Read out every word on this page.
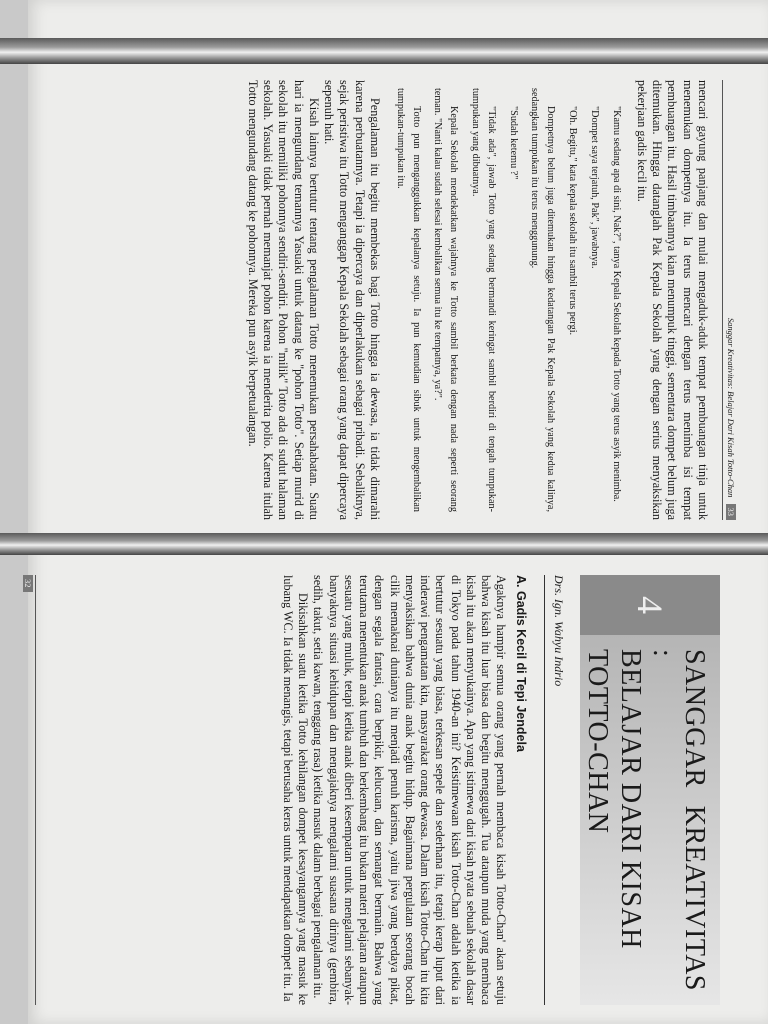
Sanggar Kreativitas: Belajar Dari Kisah Totto-Chan 33

mencari gayung panjang dan mulai mengaduk-aduk tempat pembuangan tinja untuk menemukan dompetnya itu. Ia terus mencari dengan terus menimba isi tempat pembuangan itu. Hasil timbaannya kian menumpuk tinggi, sementara dompet belum juga ditemukan. Hingga datanglah Pak Kepala Sekolah yang dengan serius menyaksikan pekerjaan gadis kecil itu.

"Kamu sedang apa di sini, Nak?", tanya Kepala Sekolah kepada Totto yang terus asyik menimba.

"Dompet saya terjatuh, Pak", jawabnya.

"Oh. Begitu," kata kepala sekolah itu sambil terus pergi.

Dompetnya belum juga ditemukan hingga kedatangan Pak Kepala Sekolah yang kedua kalinya, sedangkan tumpukan itu terus menggunung.

"Sudah ketemu ?"

"Tidak ada", jawab Totto yang sedang bermandi keringat sambil berdiri di tengah tumpukan-tumpukan yang dibuatnya.

Kepala Sekolah mendekatkan wajahnya ke Totto sambil berkata dengan nada seperti seorang teman. "Nanti kalau sudah selesai kembalikan semua itu ke tempatnya, ya?".

Totto pun menganggukkan kepalanya setuju. Ia pun kemudian sibuk untuk mengembalikan tumpukan-tumpukan itu.

Pengalaman itu begitu membekas bagi Totto hingga ia dewasa, ia tidak dimarahi karena perbuatannya. Tetapi ia dipercaya dan diperlakukan sebagai pribadi. Sebaliknya, sejak peristiwa itu Totto menganggap Kepala Sekolah sebagai orang yang dapat dipercaya sepenuh hati.

Kisah lainnya bertutur tentang pengalaman Totto menemukan persahabatan. Suatu hari ia mengundang temannya Yasuaki untuk datang ke "pohon Totto". Setiap murid di sekolah itu memiliki pohonnya sendiri-sendiri. Pohon "milik" Totto ada di sudut halaman sekolah. Yasuaki tidak pernah memanjat pohon karena ia menderita polio. Karena itulah Totto mengundang datang ke pohonnya. Mereka pun asyik berpetualangan.

4
SANGGAR KREATIVITAS :
BELAJAR DARI KISAH
TOTTO-CHAN
Drs. Ign. Wahyu Indrio
A. Gadis Kecil di Tepi Jendela

Agaknya hampir semua orang yang pernah membaca kisah Totto-Chan' akan setuju bahwa kisah itu luar biasa dan begitu menggugah. Tua ataupun muda yang membaca kisah itu akan menyukainya. Apa yang istimewa dari kisah nyata sebuah sekolah dasar di Tokyo pada tahun 1940-an ini? Keistimewaan kisah Totto-Chan adalah ketika ia bertutur sesuatu yang biasa, terkesan sepele dan sederhana itu, tetapi kerap luput dari inderawi pengamatan kita, masyarakat orang dewasa. Dalam kisah Totto-Chan itu kita menyaksikan bahwa dunia anak begitu hidup. Bagaimana pergulatan seorang bocah cilik memaknai dunianya itu menjadi penuh karisma, yaitu jiwa yang berdaya pikat, dengan segala fantasi, cara berpikir, kelucuan, dan semangat bermain. Bahwa yang terutama menentukan anak tumbuh dan berkembang itu bukan materi pelajaran ataupun sesuatu yang muluk, tetapi ketika anak diberi kesempatan untuk mengalami sebanyak-banyaknya situasi kehidupan dan mengajaknya mengalami suasana dirinya (gembira, sedih, takut, setia kawan, tenggang rasa) ketika masuk dalam berbagai pengalaman itu.

Dikisahkan suatu ketika Totto kehilangan dompet kesayangannya yang masuk ke lubang WC. Ia tidak menangis, tetapi berusaha keras untuk mendapatkan dompet itu. Ia

32
